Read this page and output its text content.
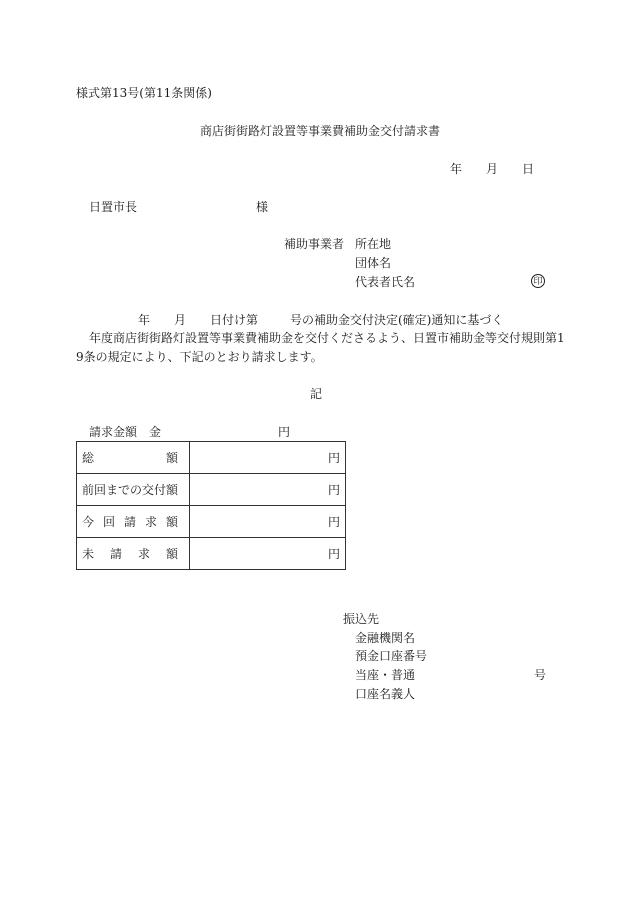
様式第13号(第11条関係)
商店街街路灯設置等事業費補助金交付請求書
年 月 日
日置市長	様
補助事業者 所在地
団体名
代表者氏名	印
年 月 日付け第	号の補助金交付決定(確定)通知に基づく
年度商店街街路灯設置等事業費補助金を交付くださるよう、日置市補助金等交付規則第1
9条の規定により、下記のとおり請求します。
記
請求金額 金	円
総 額	円
前回までの交付額	円

今 回 請 求 額	円

未 請 求 額	円
振込先
金融機関名
預金口座番号
当座・普通	号
口座名義人
